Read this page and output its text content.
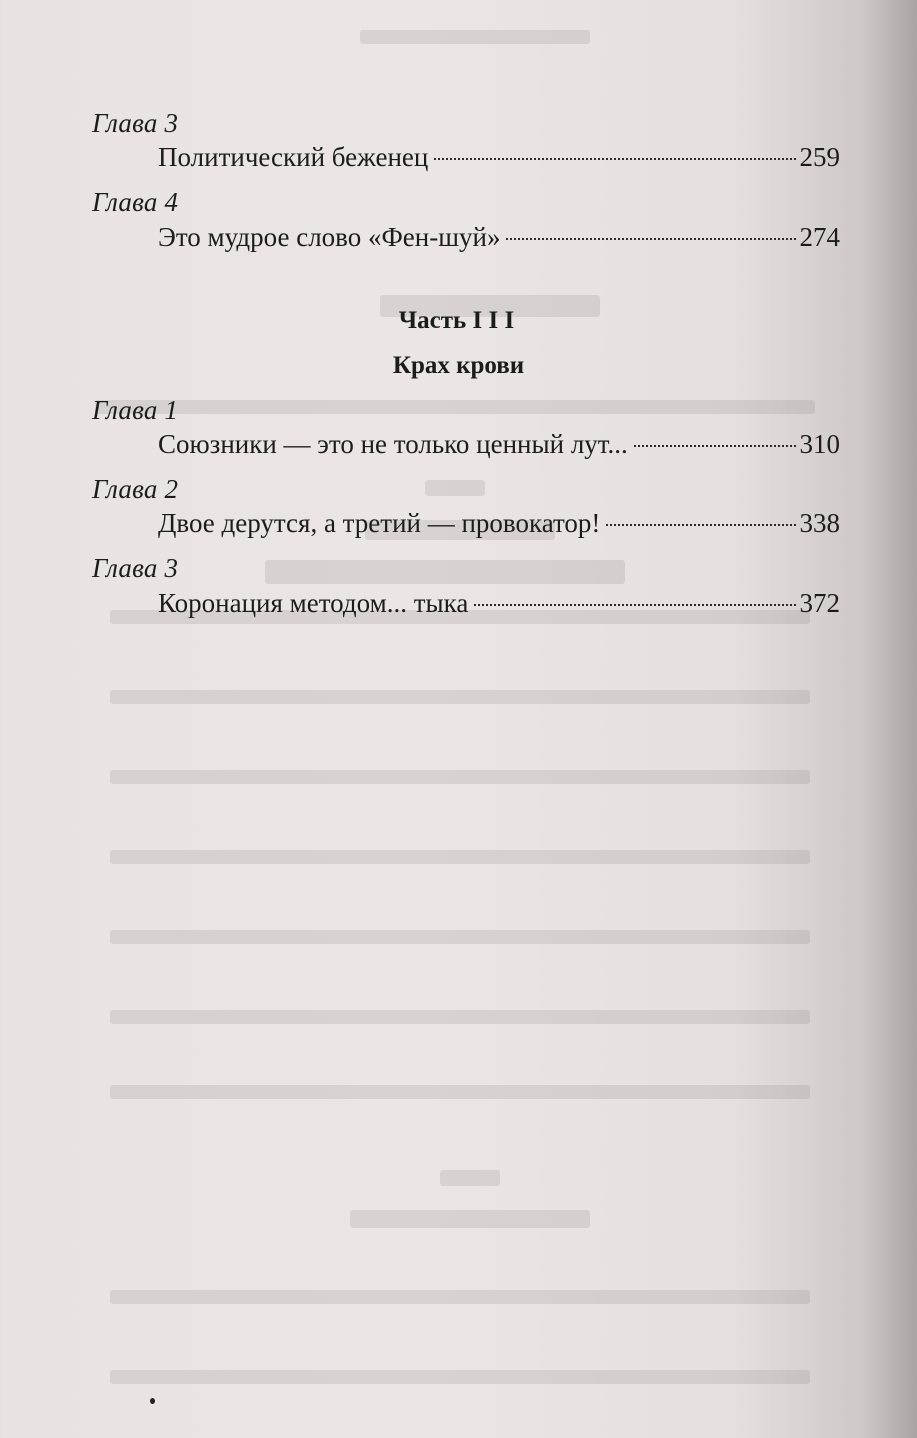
Глава 3
Политический беженец	259
Глава 4
Это мудрое слово «Фен-шуй»	274
Часть I I I
Крах крови
Глава 1
Союзники — это не только ценный лут...	310
Глава 2
Двое дерутся, а третий — провокатор!	338
Глава 3
Коронация методом... тыка	372
